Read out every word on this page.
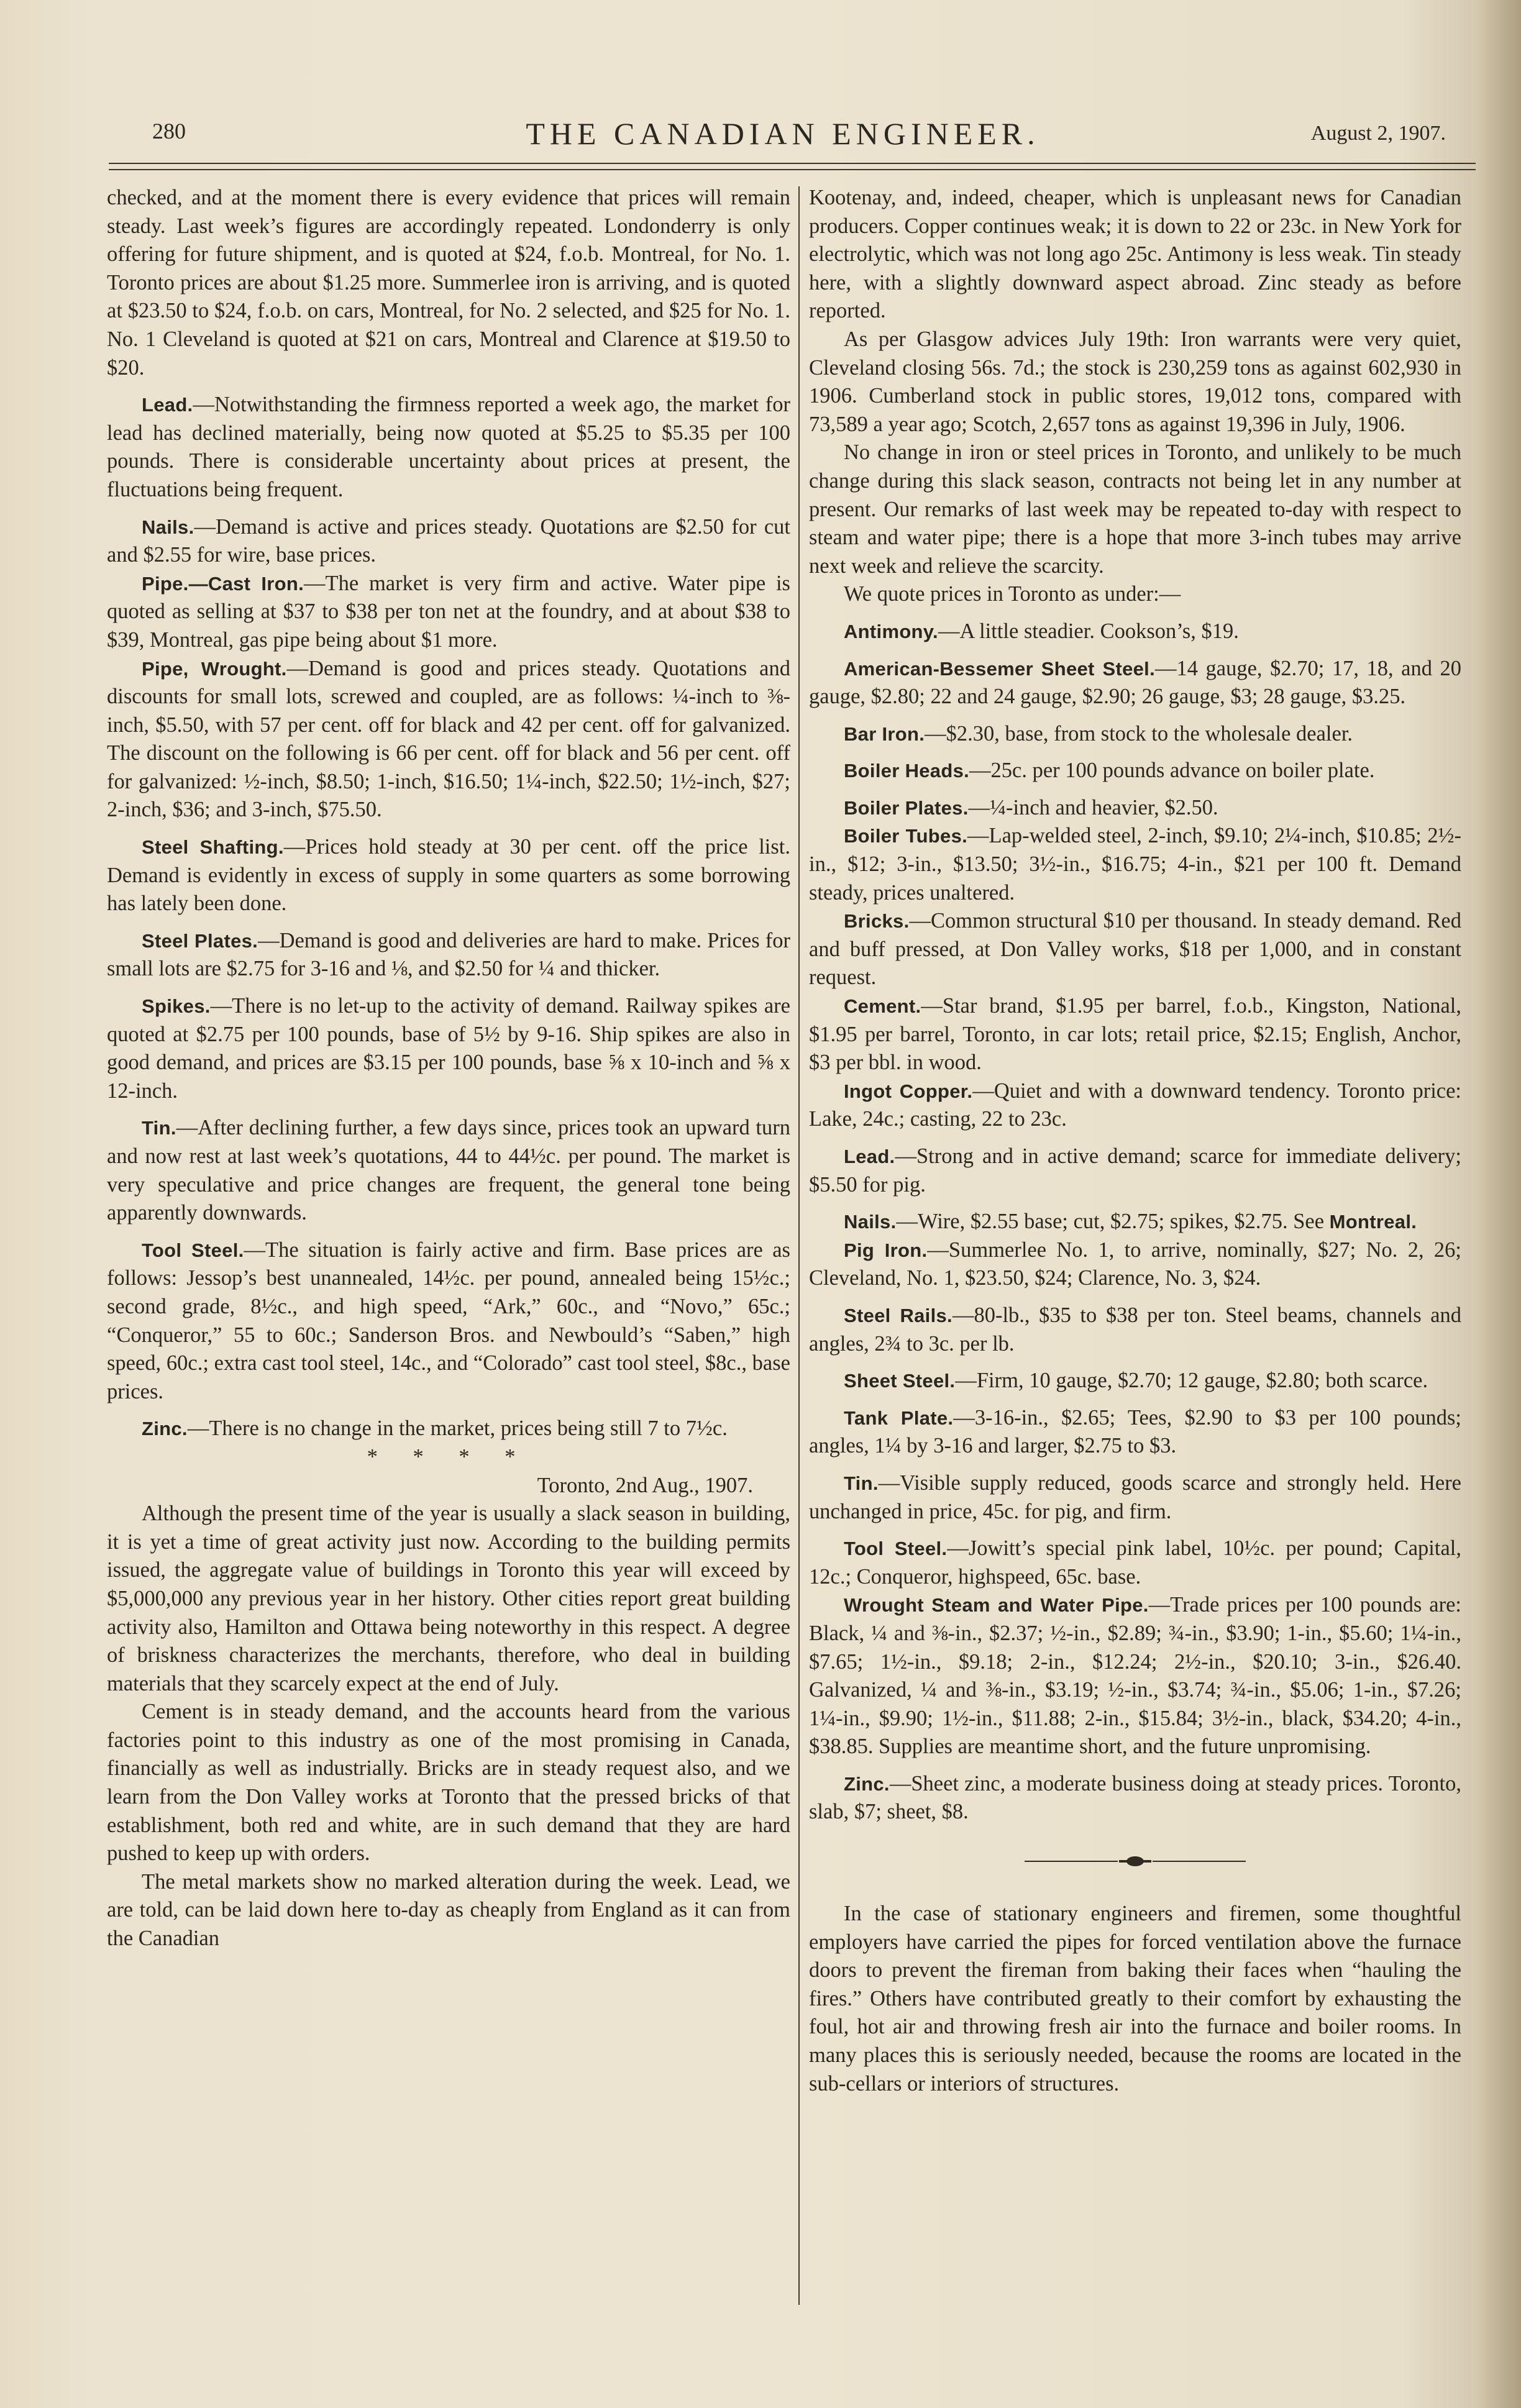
280	THE CANADIAN ENGINEER.	August 2, 1907.

checked, and at the moment there is every evidence that prices will remain steady. Last week’s figures are accordingly repeated. Londonderry is only offering for future shipment, and is quoted at $24, f.o.b. Montreal, for No. 1. Toronto prices are about $1.25 more. Summerlee iron is arriving, and is quoted at $23.50 to $24, f.o.b. on cars, Montreal, for No. 2 selected, and $25 for No. 1. No. 1 Cleveland is quoted at $21 on cars, Montreal and Clarence at $19.50 to $20.

Lead.—Notwithstanding the firmness reported a week ago, the market for lead has declined materially, being now quoted at $5.25 to $5.35 per 100 pounds. There is considerable uncertainty about prices at present, the fluctuations being frequent.

Nails.—Demand is active and prices steady. Quotations are $2.50 for cut and $2.55 for wire, base prices.

Pipe.—Cast Iron.—The market is very firm and active. Water pipe is quoted as selling at $37 to $38 per ton net at the foundry, and at about $38 to $39, Montreal, gas pipe being about $1 more.

Pipe, Wrought.—Demand is good and prices steady. Quotations and discounts for small lots, screwed and coupled, are as follows: ¼-inch to ⅜-inch, $5.50, with 57 per cent. off for black and 42 per cent. off for galvanized. The discount on the following is 66 per cent. off for black and 56 per cent. off for galvanized: ½-inch, $8.50; 1-inch, $16.50; 1¼-inch, $22.50; 1½-inch, $27; 2-inch, $36; and 3-inch, $75.50.

Steel Shafting.—Prices hold steady at 30 per cent. off the price list. Demand is evidently in excess of supply in some quarters as some borrowing has lately been done.

Steel Plates.—Demand is good and deliveries are hard to make. Prices for small lots are $2.75 for 3-16 and ⅛, and $2.50 for ¼ and thicker.

Spikes.—There is no let-up to the activity of demand. Railway spikes are quoted at $2.75 per 100 pounds, base of 5½ by 9-16. Ship spikes are also in good demand, and prices are $3.15 per 100 pounds, base ⅝ x 10-inch and ⅝ x 12-inch.

Tin.—After declining further, a few days since, prices took an upward turn and now rest at last week’s quotations, 44 to 44½c. per pound. The market is very speculative and price changes are frequent, the general tone being apparently downwards.

Tool Steel.—The situation is fairly active and firm. Base prices are as follows: Jessop’s best unannealed, 14½c. per pound, annealed being 15½c.; second grade, 8½c., and high speed, “Ark,” 60c., and “Novo,” 65c.; “Conqueror,” 55 to 60c.; Sanderson Bros. and Newbould’s “Saben,” high speed, 60c.; extra cast tool steel, 14c., and “Colorado” cast tool steel, $8c., base prices.

Zinc.—There is no change in the market, prices being still 7 to 7½c.

* * * *

Toronto, 2nd Aug., 1907.

Although the present time of the year is usually a slack season in building, it is yet a time of great activity just now. According to the building permits issued, the aggregate value of buildings in Toronto this year will exceed by $5,000,000 any previous year in her history. Other cities report great building activity also, Hamilton and Ottawa being noteworthy in this respect. A degree of briskness characterizes the merchants, therefore, who deal in building materials that they scarcely expect at the end of July.

Cement is in steady demand, and the accounts heard from the various factories point to this industry as one of the most promising in Canada, financially as well as industrially. Bricks are in steady request also, and we learn from the Don Valley works at Toronto that the pressed bricks of that establishment, both red and white, are in such demand that they are hard pushed to keep up with orders.

The metal markets show no marked alteration during the week. Lead, we are told, can be laid down here to-day as cheaply from England as it can from the Canadian

Kootenay, and, indeed, cheaper, which is unpleasant news for Canadian producers. Copper continues weak; it is down to 22 or 23c. in New York for electrolytic, which was not long ago 25c. Antimony is less weak. Tin steady here, with a slightly downward aspect abroad. Zinc steady as before reported.

As per Glasgow advices July 19th: Iron warrants were very quiet, Cleveland closing 56s. 7d.; the stock is 230,259 tons as against 602,930 in 1906. Cumberland stock in public stores, 19,012 tons, compared with 73,589 a year ago; Scotch, 2,657 tons as against 19,396 in July, 1906.

No change in iron or steel prices in Toronto, and unlikely to be much change during this slack season, contracts not being let in any number at present. Our remarks of last week may be repeated to-day with respect to steam and water pipe; there is a hope that more 3-inch tubes may arrive next week and relieve the scarcity.

We quote prices in Toronto as under:—

Antimony.—A little steadier. Cookson’s, $19.

American-Bessemer Sheet Steel.—14 gauge, $2.70; 17, 18, and 20 gauge, $2.80; 22 and 24 gauge, $2.90; 26 gauge, $3; 28 gauge, $3.25.

Bar Iron.—$2.30, base, from stock to the wholesale dealer.

Boiler Heads.—25c. per 100 pounds advance on boiler plate.

Boiler Plates.—¼-inch and heavier, $2.50.

Boiler Tubes.—Lap-welded steel, 2-inch, $9.10; 2¼-inch, $10.85; 2½-in., $12; 3-in., $13.50; 3½-in., $16.75; 4-in., $21 per 100 ft. Demand steady, prices unaltered.

Bricks.—Common structural $10 per thousand. In steady demand. Red and buff pressed, at Don Valley works, $18 per 1,000, and in constant request.

Cement.—Star brand, $1.95 per barrel, f.o.b., Kingston, National, $1.95 per barrel, Toronto, in car lots; retail price, $2.15; English, Anchor, $3 per bbl. in wood.

Ingot Copper.—Quiet and with a downward tendency. Toronto price: Lake, 24c.; casting, 22 to 23c.

Lead.—Strong and in active demand; scarce for immediate delivery; $5.50 for pig.

Nails.—Wire, $2.55 base; cut, $2.75; spikes, $2.75. See Montreal.

Pig Iron.—Summerlee No. 1, to arrive, nominally, $27; No. 2, 26; Cleveland, No. 1, $23.50, $24; Clarence, No. 3, $24.

Steel Rails.—80-lb., $35 to $38 per ton. Steel beams, channels and angles, 2¾ to 3c. per lb.

Sheet Steel.—Firm, 10 gauge, $2.70; 12 gauge, $2.80; both scarce.

Tank Plate.—3-16-in., $2.65; Tees, $2.90 to $3 per 100 pounds; angles, 1¼ by 3-16 and larger, $2.75 to $3.

Tin.—Visible supply reduced, goods scarce and strongly held. Here unchanged in price, 45c. for pig, and firm.

Tool Steel.—Jowitt’s special pink label, 10½c. per pound; Capital, 12c.; Conqueror, highspeed, 65c. base.

Wrought Steam and Water Pipe.—Trade prices per 100 pounds are: Black, ¼ and ⅜-in., $2.37; ½-in., $2.89; ¾-in., $3.90; 1-in., $5.60; 1¼-in., $7.65; 1½-in., $9.18; 2-in., $12.24; 2½-in., $20.10; 3-in., $26.40. Galvanized, ¼ and ⅜-in., $3.19; ½-in., $3.74; ¾-in., $5.06; 1-in., $7.26; 1¼-in., $9.90; 1½-in., $11.88; 2-in., $15.84; 3½-in., black, $34.20; 4-in., $38.85. Supplies are meantime short, and the future unpromising.

Zinc.—Sheet zinc, a moderate business doing at steady prices. Toronto, slab, $7; sheet, $8.

In the case of stationary engineers and firemen, some thoughtful employers have carried the pipes for forced ventilation above the furnace doors to prevent the fireman from baking their faces when “hauling the fires.” Others have contributed greatly to their comfort by exhausting the foul, hot air and throwing fresh air into the furnace and boiler rooms. In many places this is seriously needed, because the rooms are located in the sub-cellars or interiors of structures.
